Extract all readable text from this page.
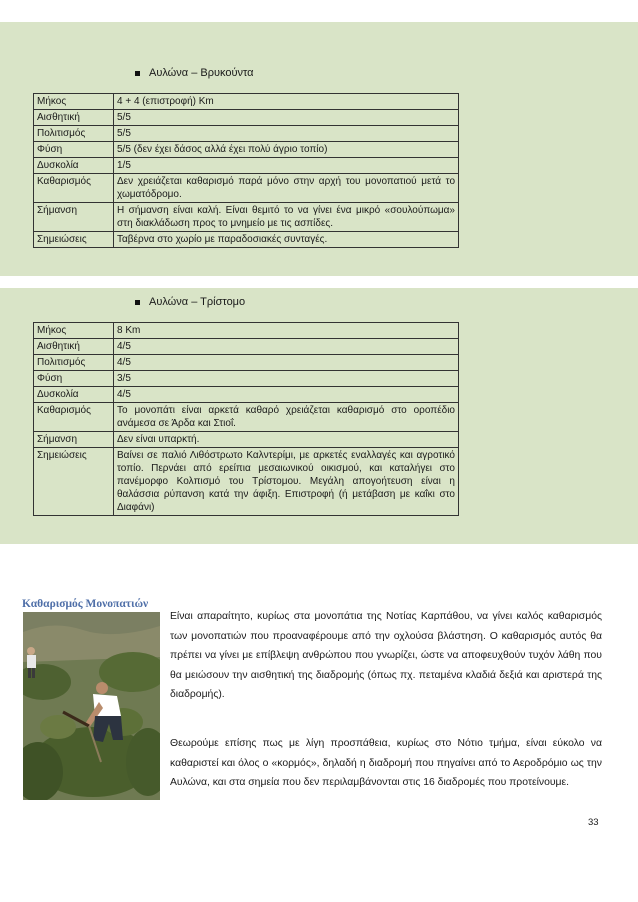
Αυλώνα – Βρυκούντα
Μήκος	4 + 4 (επιστροφή) Km
Αισθητική	5/5
Πολιτισμός	5/5
Φύση	5/5 (δεν έχει δάσος αλλά έχει πολύ άγριο τοπίο)
Δυσκολία	1/5
Καθαρισμός	Δεν χρειάζεται καθαρισμό παρά μόνο στην αρχή του μονοπατιού μετά το χωματόδρομο.
Σήμανση	Η σήμανση είναι καλή. Είναι θεμιτό το να γίνει ένα μικρό «σουλούπωμα» στη διακλάδωση προς το μνημείο με τις ασπίδες.
Σημειώσεις	Ταβέρνα στο χωρίο με παραδοσιακές συνταγές.
Αυλώνα – Τρίστομο
Μήκος	8 Km
Αισθητική	4/5
Πολιτισμός	4/5
Φύση	3/5
Δυσκολία	4/5
Καθαρισμός	Το μονοπάτι είναι αρκετά καθαρό χρειάζεται καθαρισμό στο οροπέδιο ανάμεσα σε Άρδα και Στιοΐ.
Σήμανση	Δεν είναι υπαρκτή.
Σημειώσεις	Βαίνει σε παλιό Λιθόστρωτο Καλντερίμι, με αρκετές εναλλαγές και αγροτικό τοπίο. Περνάει από ερείπια μεσαιωνικού οικισμού, και καταλήγει στο πανέμορφο Κολπισμό του Τρίστομου. Μεγάλη απογοήτευση είναι η θαλάσσια ρύπανση κατά την άφιξη. Επιστροφή (ή μετάβαση με καΐκι στο Διαφάνι)
Καθαρισμός Μονοπατιών
Είναι απαραίτητο, κυρίως στα μονοπάτια της Νοτίας Καρπάθου, να γίνει καλός καθαρισμός των μονοπατιών που προαναφέρουμε από την οχλούσα βλάστηση. Ο καθαρισμός αυτός θα πρέπει να γίνει με επίβλεψη ανθρώπου που γνωρίζει, ώστε να αποφευχθούν τυχόν λάθη που θα μειώσουν την αισθητική της διαδρομής (όπως πχ. πεταμένα κλαδιά δεξιά και αριστερά της διαδρομής).
Θεωρούμε επίσης πως με λίγη προσπάθεια, κυρίως στο Νότιο τμήμα, είναι εύκολο να καθαριστεί και όλος ο «κορμός», δηλαδή η διαδρομή που πηγαίνει από το Αεροδρόμιο ως την Αυλώνα, και στα σημεία που δεν περιλαμβάνονται στις 16 διαδρομές που προτείνουμε.
33
